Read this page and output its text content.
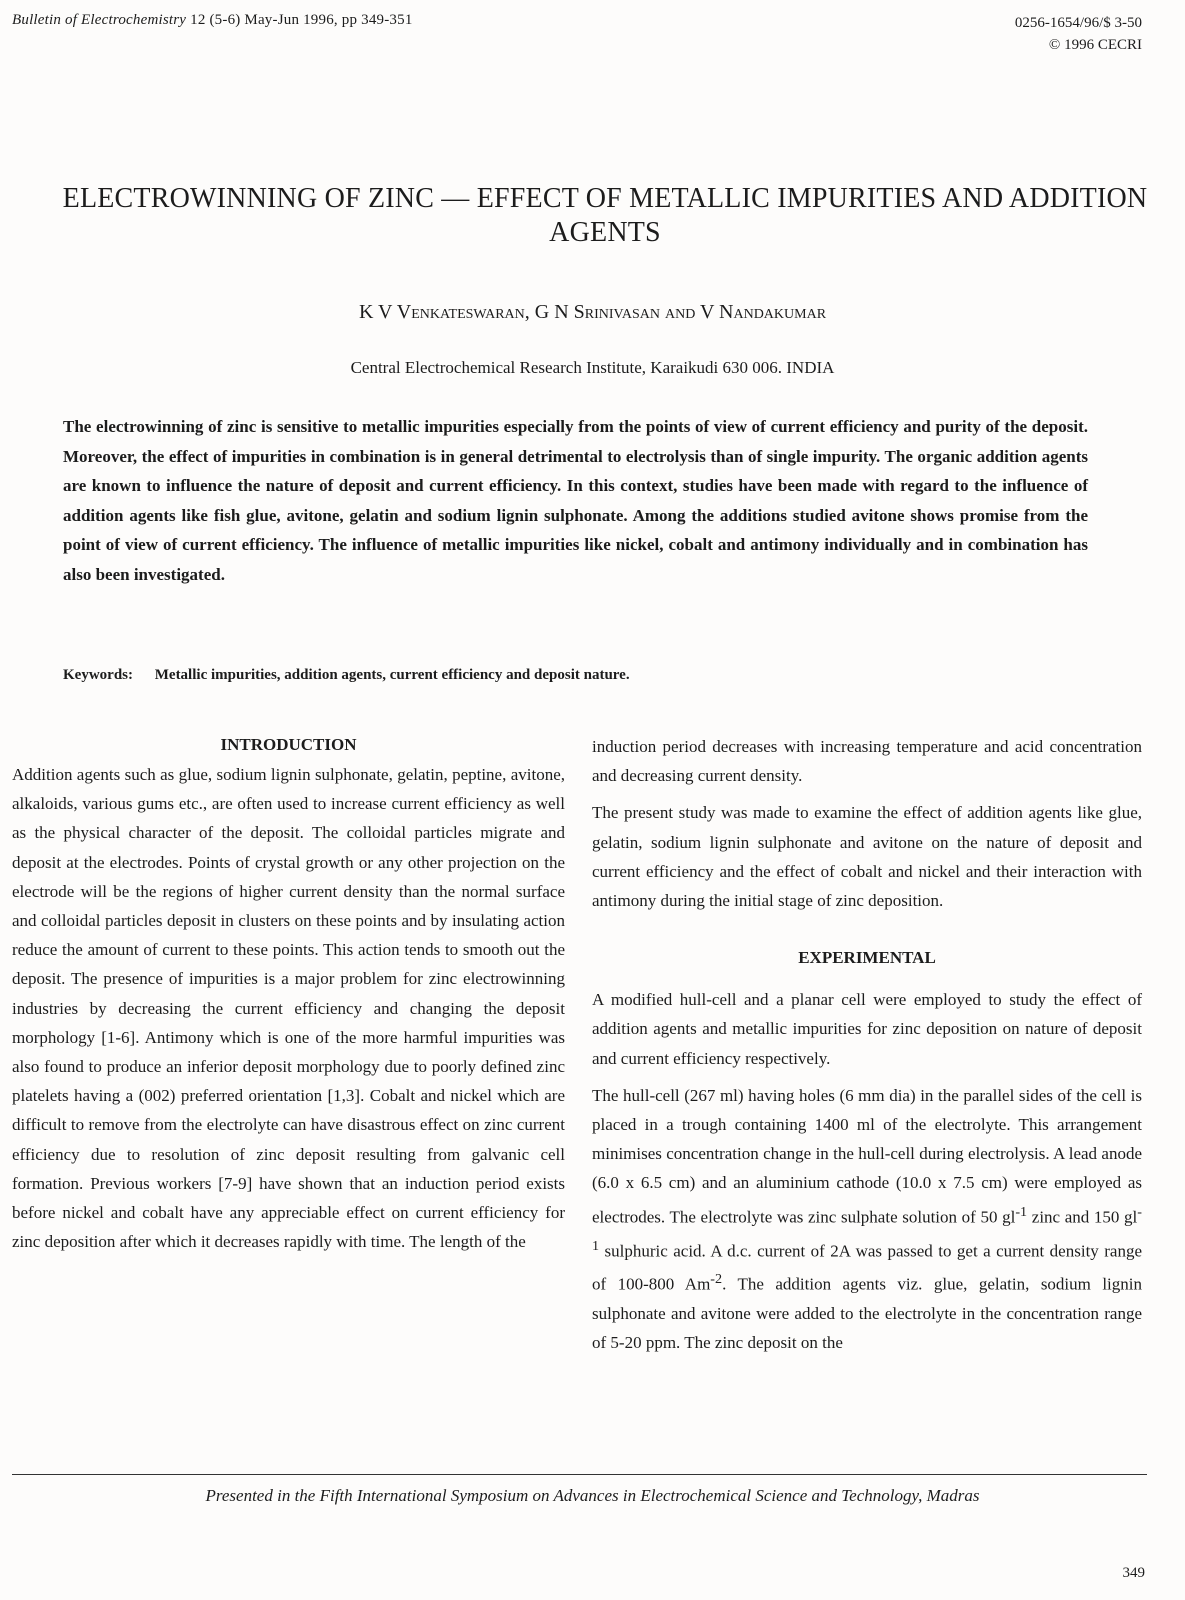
Bulletin of Electrochemistry 12 (5-6) May-Jun 1996, pp 349-351	0256-1654/96/$ 3-50
© 1996 CECRI
ELECTROWINNING OF ZINC — EFFECT OF METALLIC IMPURITIES AND ADDITION AGENTS
K V Venkateswaran, G N Srinivasan and V Nandakumar
Central Electrochemical Research Institute, Karaikudi 630 006. INDIA

The electrowinning of zinc is sensitive to metallic impurities especially from the points of view of current efficiency and purity of the deposit. Moreover, the effect of impurities in combination is in general detrimental to electrolysis than of single impurity. The organic addition agents are known to influence the nature of deposit and current efficiency. In this context, studies have been made with regard to the influence of addition agents like fish glue, avitone, gelatin and sodium lignin sulphonate. Among the additions studied avitone shows promise from the point of view of current efficiency. The influence of metallic impurities like nickel, cobalt and antimony individually and in combination has also been investigated.

Keywords: Metallic impurities, addition agents, current efficiency and deposit nature.
INTRODUCTION

Addition agents such as glue, sodium lignin sulphonate, gelatin, peptine, avitone, alkaloids, various gums etc., are often used to increase current efficiency as well as the physical character of the deposit. The colloidal particles migrate and deposit at the electrodes. Points of crystal growth or any other projection on the electrode will be the regions of higher current density than the normal surface and colloidal particles deposit in clusters on these points and by insulating action reduce the amount of current to these points. This action tends to smooth out the deposit. The presence of impurities is a major problem for zinc electrowinning industries by decreasing the current efficiency and changing the deposit morphology [1-6]. Antimony which is one of the more harmful impurities was also found to produce an inferior deposit morphology due to poorly defined zinc platelets having a (002) preferred orientation [1,3]. Cobalt and nickel which are difficult to remove from the electrolyte can have disastrous effect on zinc current efficiency due to resolution of zinc deposit resulting from galvanic cell formation. Previous workers [7-9] have shown that an induction period exists before nickel and cobalt have any appreciable effect on current efficiency for zinc deposition after which it decreases rapidly with time. The length of the

induction period decreases with increasing temperature and acid concentration and decreasing current density.

The present study was made to examine the effect of addition agents like glue, gelatin, sodium lignin sulphonate and avitone on the nature of deposit and current efficiency and the effect of cobalt and nickel and their interaction with antimony during the initial stage of zinc deposition.

EXPERIMENTAL

A modified hull-cell and a planar cell were employed to study the effect of addition agents and metallic impurities for zinc deposition on nature of deposit and current efficiency respectively.

The hull-cell (267 ml) having holes (6 mm dia) in the parallel sides of the cell is placed in a trough containing 1400 ml of the electrolyte. This arrangement minimises concentration change in the hull-cell during electrolysis. A lead anode (6.0 x 6.5 cm) and an aluminium cathode (10.0 x 7.5 cm) were employed as electrodes. The electrolyte was zinc sulphate solution of 50 $gl^{-1}$ zinc and 150 $gl^{-1}$ sulphuric acid. A d.c. current of 2A was passed to get a current density range of 100-800 $Am^{-2}$. The addition agents viz. glue, gelatin, sodium lignin sulphonate and avitone were added to the electrolyte in the concentration range of 5-20 ppm. The zinc deposit on the

Presented in the Fifth International Symposium on Advances in Electrochemical Science and Technology, Madras
349
